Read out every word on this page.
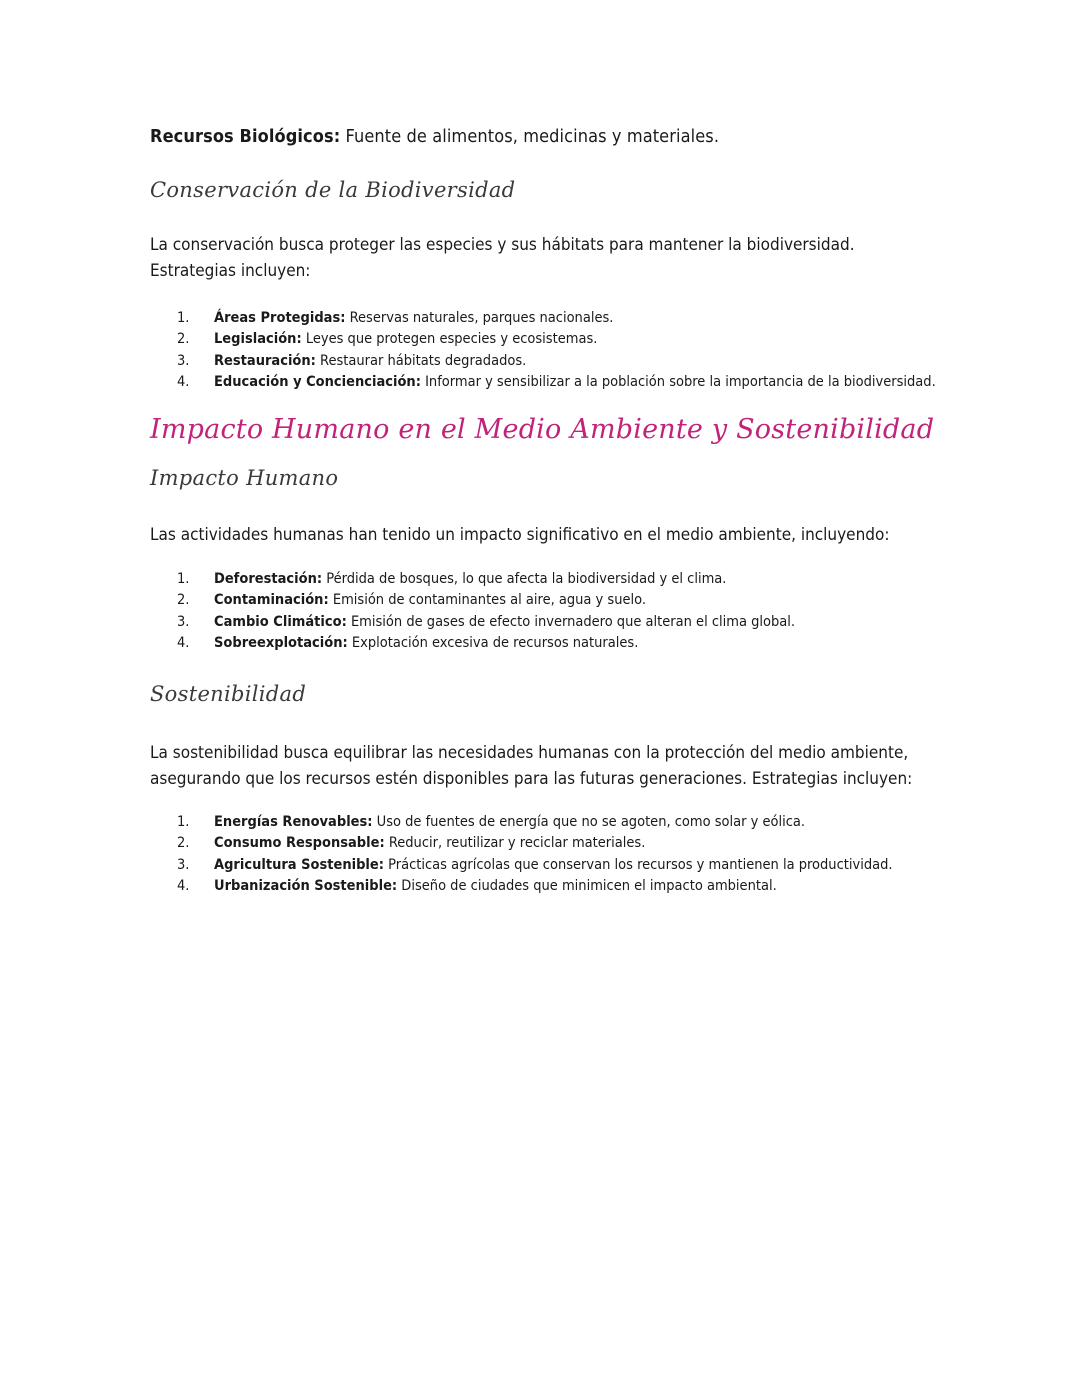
Recursos Biológicos: Fuente de alimentos, medicinas y materiales.
Conservación de la Biodiversidad
La conservación busca proteger las especies y sus hábitats para mantener la biodiversidad. Estrategias incluyen:
1.	Áreas Protegidas: Reservas naturales, parques nacionales.
2.	Legislación: Leyes que protegen especies y ecosistemas.
3.	Restauración: Restaurar hábitats degradados.
4.	Educación y Concienciación: Informar y sensibilizar a la población sobre la importancia de la biodiversidad.
Impacto Humano en el Medio Ambiente y Sostenibilidad
Impacto Humano
Las actividades humanas han tenido un impacto significativo en el medio ambiente, incluyendo:
1.	Deforestación: Pérdida de bosques, lo que afecta la biodiversidad y el clima.
2.	Contaminación: Emisión de contaminantes al aire, agua y suelo.
3.	Cambio Climático: Emisión de gases de efecto invernadero que alteran el clima global.
4.	Sobreexplotación: Explotación excesiva de recursos naturales.
Sostenibilidad
La sostenibilidad busca equilibrar las necesidades humanas con la protección del medio ambiente, asegurando que los recursos estén disponibles para las futuras generaciones. Estrategias incluyen:
1.	Energías Renovables: Uso de fuentes de energía que no se agoten, como solar y eólica.
2.	Consumo Responsable: Reducir, reutilizar y reciclar materiales.
3.	Agricultura Sostenible: Prácticas agrícolas que conservan los recursos y mantienen la productividad.
4.	Urbanización Sostenible: Diseño de ciudades que minimicen el impacto ambiental.
